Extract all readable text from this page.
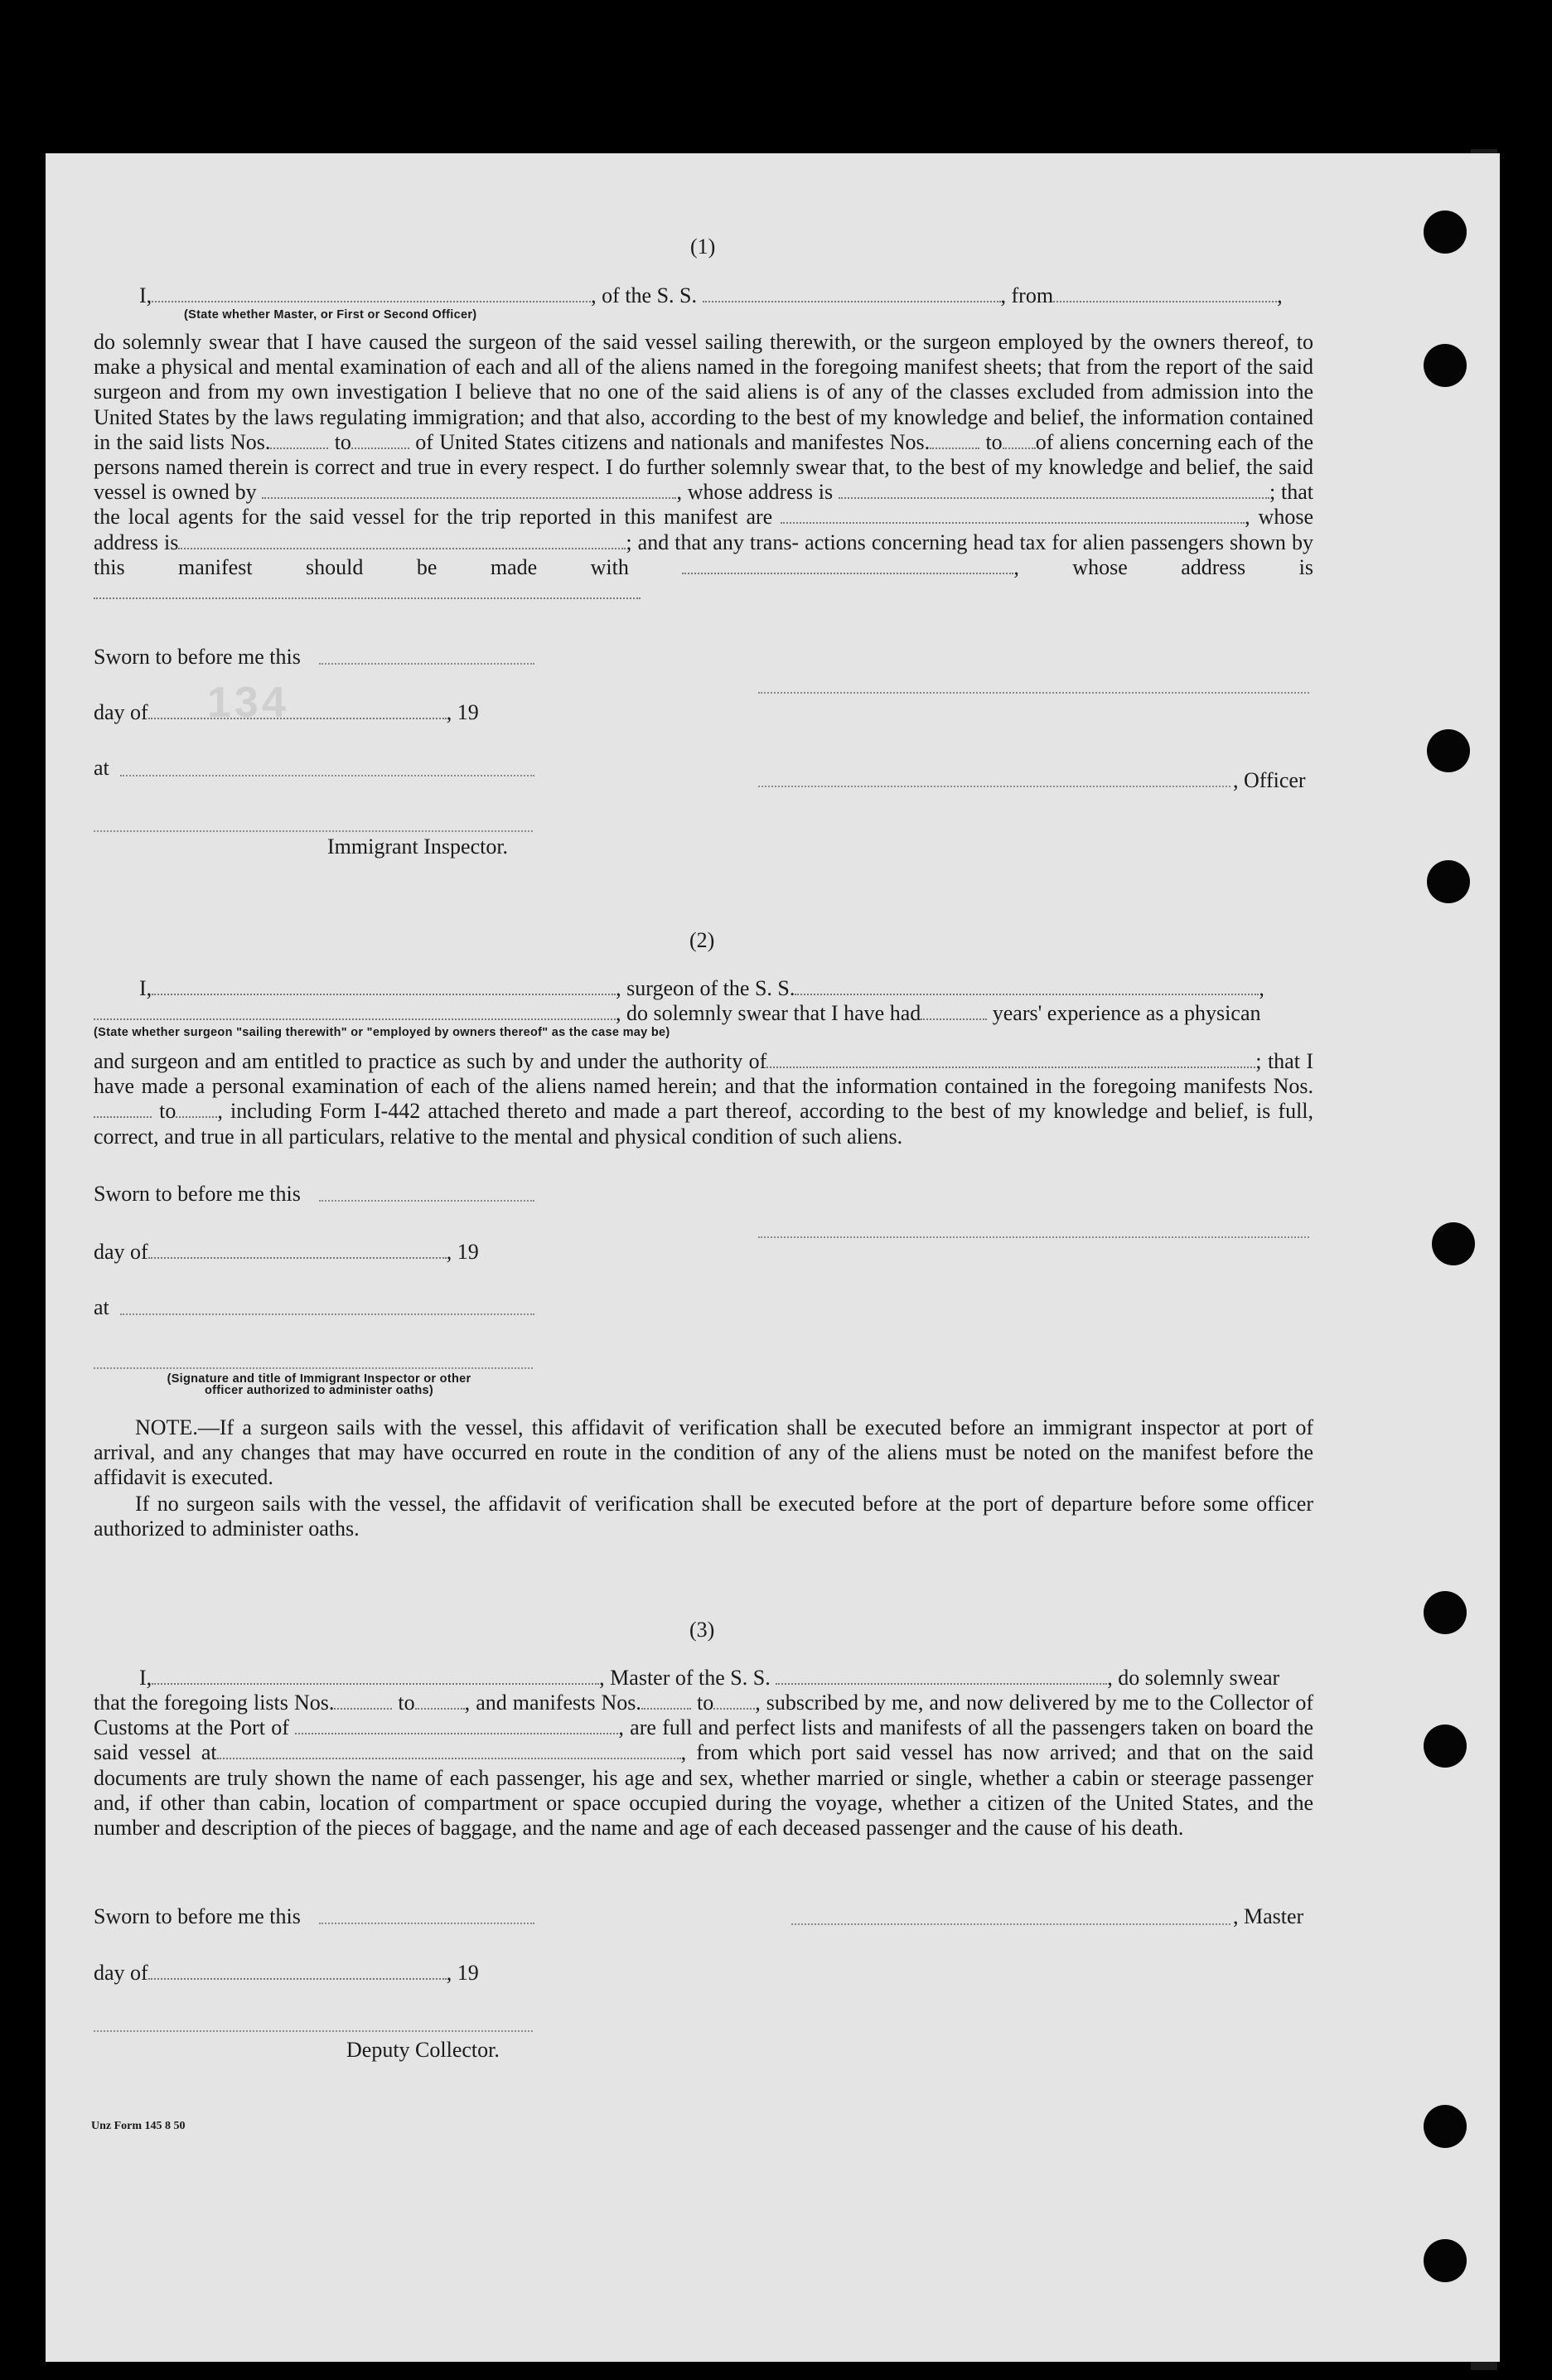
134
(1)
I,	, of the S. S.	, from	,
(State whether Master, or First or Second Officer)
do solemnly swear that I have caused the surgeon of the said vessel sailing therewith, or the surgeon employed by the owners thereof, to make a physical and mental examination of each and all of the aliens named in the foregoing manifest sheets; that from the report of the said surgeon and from my own investigation I believe that no one of the said aliens is of any of the classes excluded from admission into the United States by the laws regulating immigration; and that also, according to the best of my knowledge and belief, the information contained in the said lists Nos.	to	of United States citizens and nationals and manifestes Nos.	to of aliens concerning each of the persons named therein is correct and true in every respect. I do further solemnly swear that, to the best of my knowledge and belief, the said vessel is owned by	, whose address is	; that the local agents for the said vessel for the trip reported in this manifest are	, whose address is	; and that any trans- actions concerning head tax for alien passengers shown by this manifest should be made with	, whose address is
Sworn to before me this
day of	, 19
at
, Officer
Immigrant Inspector.
(2)
I,	, surgeon of the S. S.	,
, do solemnly swear that I have had	years' experience as a physican
(State whether surgeon "sailing therewith" or "employed by owners thereof" as the case may be)
and surgeon and am entitled to practice as such by and under the authority of	; that I have made a personal examination of each of the aliens named herein; and that the information contained in the foregoing manifests Nos. to , including Form I-442 attached thereto and made a part thereof, according to the best of my knowledge and belief, is full, correct, and true in all particulars, relative to the mental and physical condition of such aliens.
Sworn to before me this
day of	, 19
at
(Signature and title of Immigrant Inspector or other
officer authorized to administer oaths)
NOTE.—If a surgeon sails with the vessel, this affidavit of verification shall be executed before an immigrant inspector at port of arrival, and any changes that may have occurred en route in the condition of any of the aliens must be noted on the manifest before the affidavit is executed.
If no surgeon sails with the vessel, the affidavit of verification shall be executed before at the port of departure before some officer authorized to administer oaths.
(3)
I,	, Master of the S. S.	, do solemnly swear
that the foregoing lists Nos.	to , and manifests Nos.	to , subscribed by me, and now delivered by me to the Collector of Customs at the Port of	, are full and perfect lists and manifests of all the passengers taken on board the said vessel at	, from which port said vessel has now arrived; and that on the said documents are truly shown the name of each passenger, his age and sex, whether married or single, whether a cabin or steerage passenger and, if other than cabin, location of compartment or space occupied during the voyage, whether a citizen of the United States, and the number and description of the pieces of baggage, and the name and age of each deceased passenger and the cause of his death.
Sworn to before me this	, Master
day of	, 19
Deputy Collector.
Unz Form 145 8 50
